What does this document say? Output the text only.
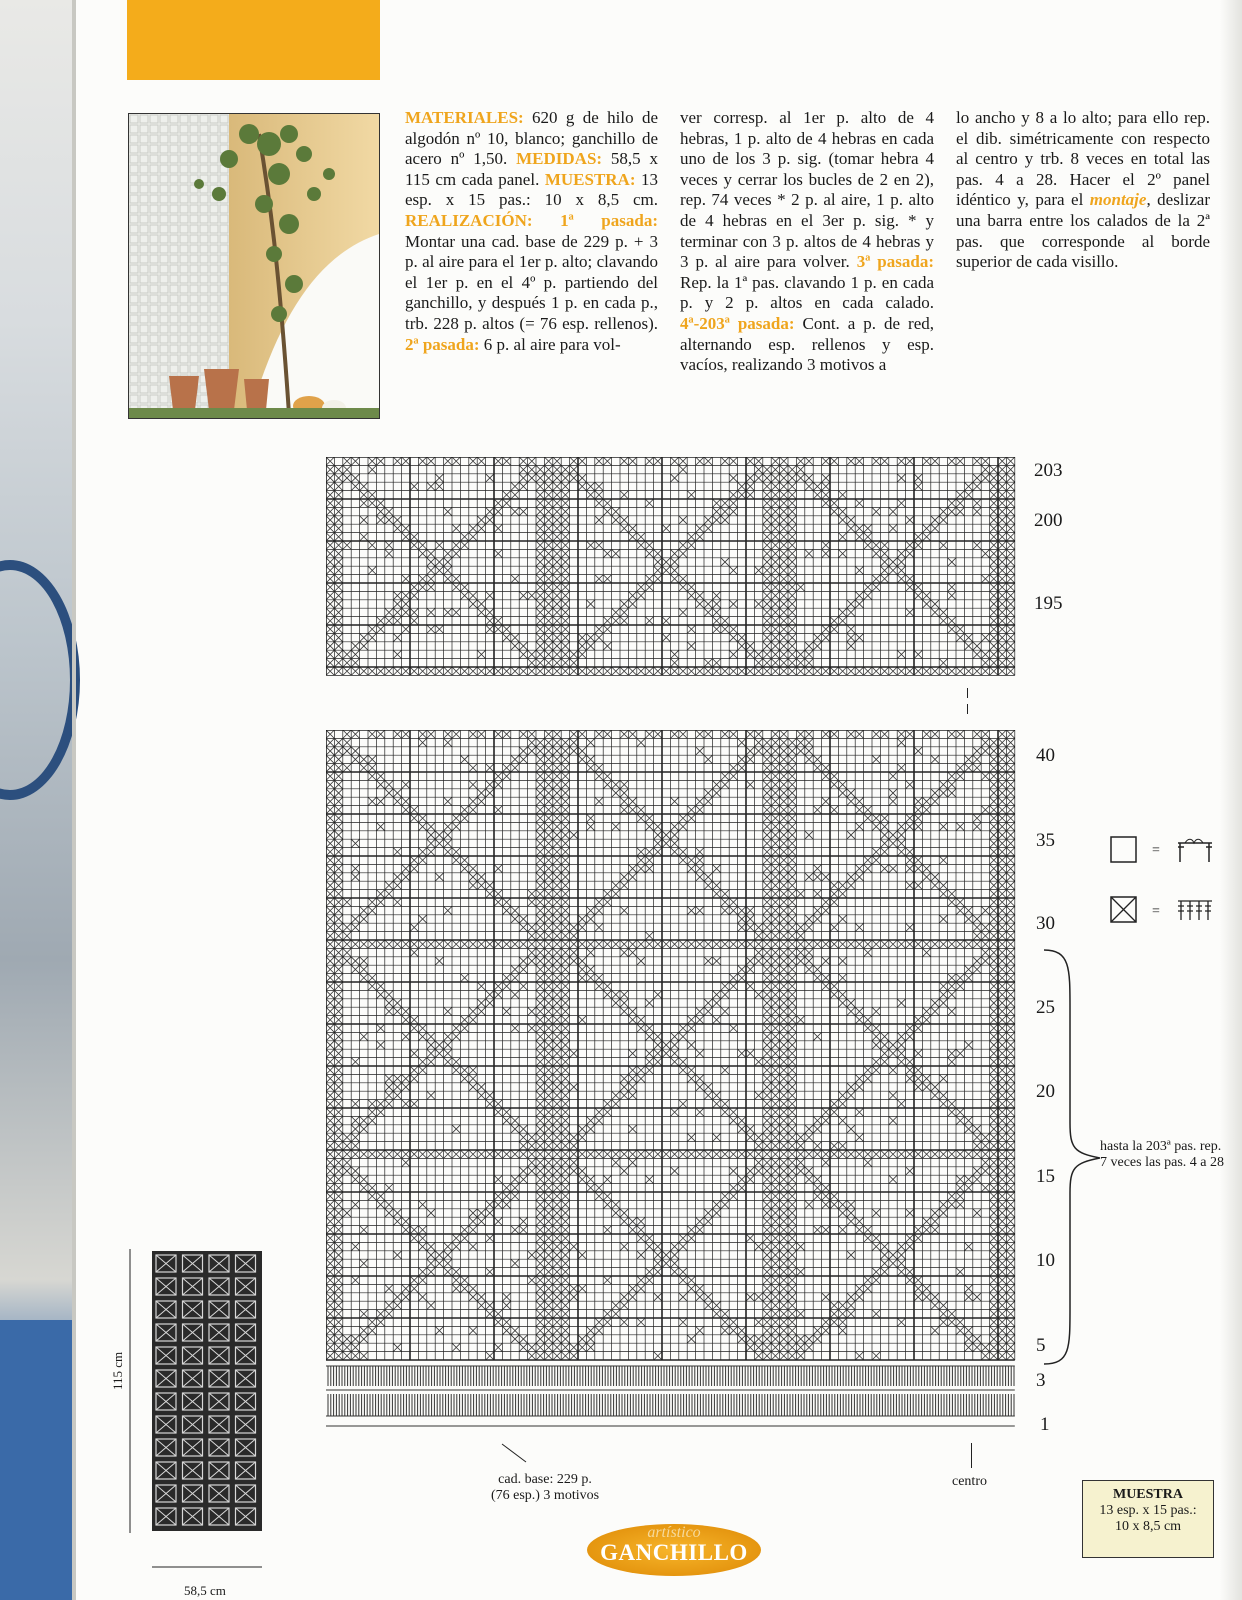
MATERIALES: 620 g de hilo de algodón nº 10, blanco; ganchillo de acero nº 1,50. MEDIDAS: 58,5 x 115 cm cada panel. MUESTRA: 13 esp. x 15 pas.: 10 x 8,5 cm. REALIZACIÓN: 1ª pasada: Montar una cad. base de 229 p. + 3 p. al aire para el 1er p. alto; clavando el 1er p. en el 4º p. partiendo del ganchillo, y después 1 p. en cada p., trb. 228 p. altos (= 76 esp. rellenos). 2ª pasada: 6 p. al aire para vol-
ver corresp. al 1er p. alto de 4 hebras, 1 p. alto de 4 hebras en cada uno de los 3 p. sig. (tomar hebra 4 veces y cerrar los bucles de 2 en 2), rep. 74 veces * 2 p. al aire, 1 p. alto de 4 hebras en el 3er p. sig. * y terminar con 3 p. altos de 4 hebras y 3 p. al aire para volver. 3ª pasada: Rep. la 1ª pas. clavando 1 p. en cada p. y 2 p. altos en cada calado. 4ª-203ª pasada: Cont. a p. de red, alternando esp. rellenos y esp. vacíos, realizando 3 motivos a
lo ancho y 8 a lo alto; para ello rep. el dib. simétricamente con respecto al centro y trb. 8 veces en total las pas. 4 a 28. Hacer el 2º panel idéntico y, para el montaje, deslizar una barra entre los calados de la 2ª pas. que corresponde al borde superior de cada visillo.
203
200
195
40
35
30
25
20
15
10
5
3
1
hasta la 203ª pas. rep. 7 veces las pas. 4 a 28
cad. base: 229 p.
(76 esp.) 3 motivos
centro
=
=
115 cm
58,5 cm
MUESTRA
13 esp. x 15 pas.:
10 x 8,5 cm
artístico
GANCHILLO
